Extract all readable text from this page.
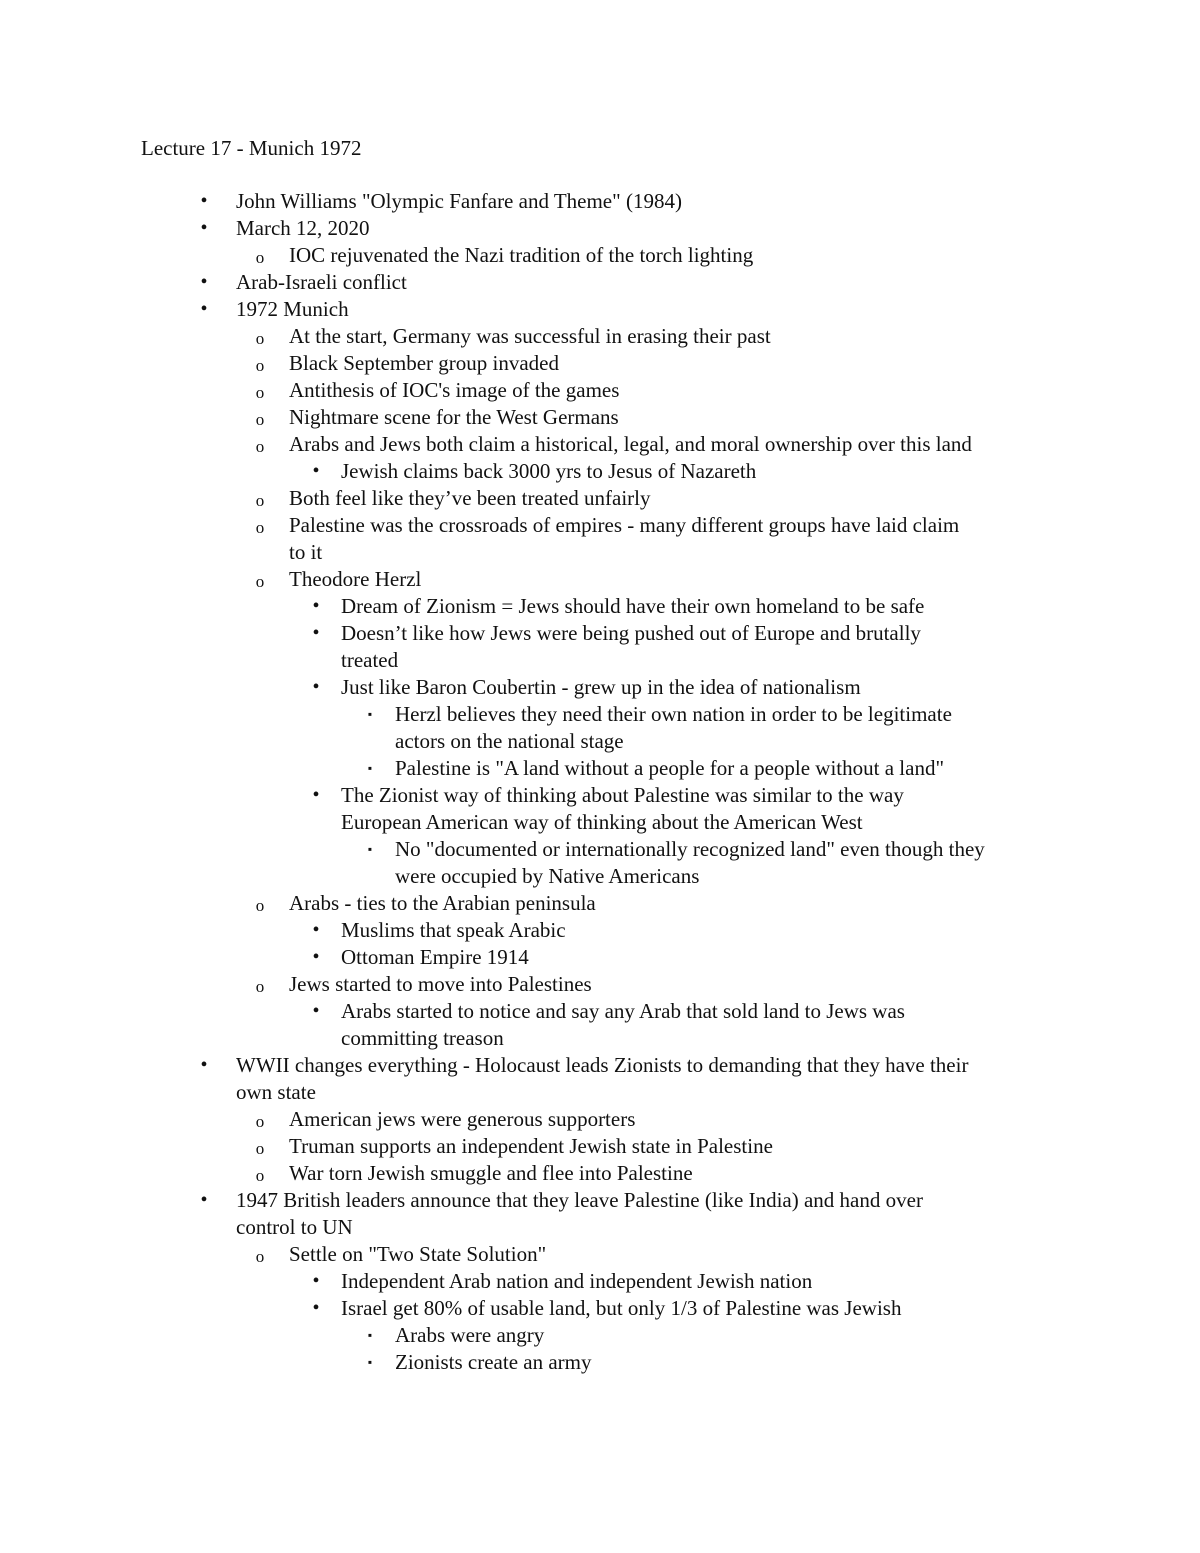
Lecture 17 - Munich 1972
•	John Williams "Olympic Fanfare and Theme" (1984)
•	March 12, 2020
o IOC rejuvenated the Nazi tradition of the torch lighting
•	Arab-Israeli conflict
•	1972 Munich
o At the start, Germany was successful in erasing their past
o Black September group invaded
o Antithesis of IOC's image of the games
o Nightmare scene for the West Germans
o Arabs and Jews both claim a historical, legal, and moral ownership over this land
•	Jewish claims back 3000 yrs to Jesus of Nazareth
o Both feel like they’ve been treated unfairly
o Palestine was the crossroads of empires - many different groups have laid claim
to it
o Theodore Herzl
•	Dream of Zionism = Jews should have their own homeland to be safe
•	Doesn’t like how Jews were being pushed out of Europe and brutally
treated
•	Just like Baron Coubertin - grew up in the idea of nationalism
▪	Herzl believes they need their own nation in order to be legitimate
actors on the national stage
▪	Palestine is "A land without a people for a people without a land"
•	The Zionist way of thinking about Palestine was similar to the way
European American way of thinking about the American West
▪	No "documented or internationally recognized land" even though they
were occupied by Native Americans
o Arabs - ties to the Arabian peninsula
•	Muslims that speak Arabic
•	Ottoman Empire 1914
o Jews started to move into Palestines
•	Arabs started to notice and say any Arab that sold land to Jews was
committing treason
•	WWII changes everything - Holocaust leads Zionists to demanding that they have their
own state
o American jews were generous supporters
o Truman supports an independent Jewish state in Palestine
o War torn Jewish smuggle and flee into Palestine
•	1947 British leaders announce that they leave Palestine (like India) and hand over
control to UN
o Settle on "Two State Solution"
•	Independent Arab nation and independent Jewish nation
•	Israel get 80% of usable land, but only 1/3 of Palestine was Jewish
▪	Arabs were angry
▪	Zionists create an army
